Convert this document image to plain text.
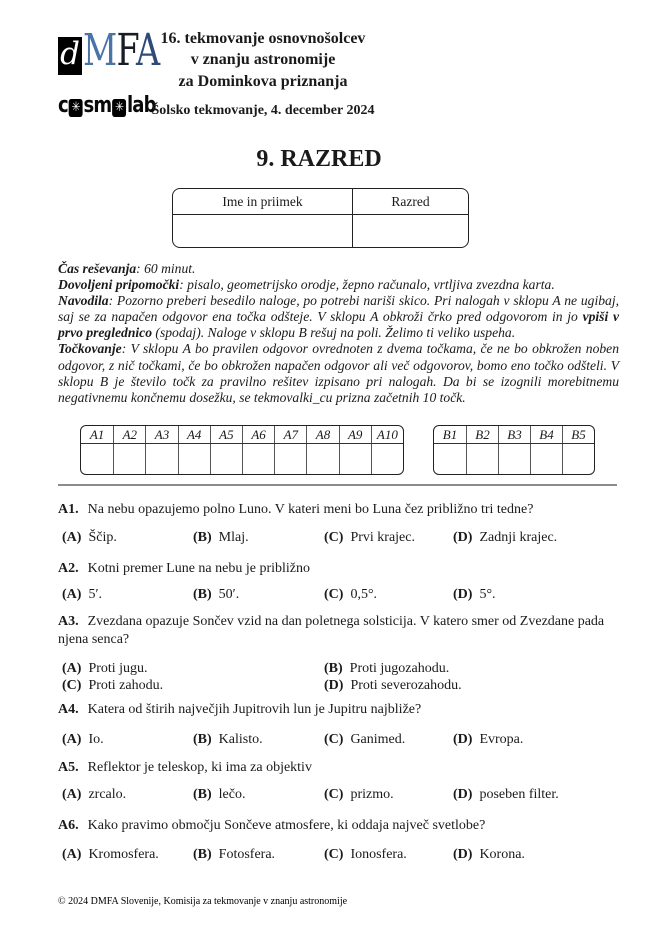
d MFA
c ✳ sm ✳ lab
16. tekmovanje osnovnošolcev
v znanju astronomije
za Dominkova priznanja
Šolsko tekmovanje, 4. december 2024
9. RAZRED
Ime in priimek	Razred

Čas reševanja: 60 minut.

Dovoljeni pripomočki: pisalo, geometrijsko orodje, žepno računalo, vrtljiva zvezdna karta.

Navodila: Pozorno preberi besedilo naloge, po potrebi nariši skico. Pri nalogah v sklopu A ne ugibaj, saj se za napačen odgovor ena točka odšteje. V sklopu A obkroži črko pred odgovorom in jo vpiši v prvo preglednico (spodaj). Naloge v sklopu B rešuj na poli. Želimo ti veliko uspeha.

Točkovanje: V sklopu A bo pravilen odgovor ovrednoten z dvema točkama, če ne bo obkrožen noben odgovor, z nič točkami, če bo obkrožen napačen odgovor ali več odgovorov, bomo eno točko odšteli. V sklopu B je število točk za pravilno rešitev izpisano pri nalogah. Da bi se izognili morebitnemu negativnemu končnemu dosežku, se tekmovalki_cu prizna začetnih 10 točk.

A1	A2	A3	A4	A5	A6	A7	A8	A9	A10	B1	B2	B3	B4	B5
A1. Na nebu opazujemo polno Luno. V kateri meni bo Luna čez približno tri tedne?
(A) Ščip.	(B) Mlaj.	(C) Prvi krajec.	(D) Zadnji krajec.
A2. Kotni premer Lune na nebu je približno
(A) 5′.	(B) 50′.	(C) 0,5°.	(D) 5°.
A3. Zvezdana opazuje Sončev vzid na dan poletnega solsticija. V katero smer od Zvezdane pada njena senca?
(A) Proti jugu.	(B) Proti jugozahodu.
(C) Proti zahodu.	(D) Proti severozahodu.
A4. Katera od štirih največjih Jupitrovih lun je Jupitru najbliže?
(A) Io.	(B) Kalisto.	(C) Ganimed.	(D) Evropa.
A5. Reflektor je teleskop, ki ima za objektiv
(A) zrcalo.	(B) lečo.	(C) prizmo.	(D) poseben filter.
A6. Kako pravimo območju Sončeve atmosfere, ki oddaja največ svetlobe?
(A) Kromosfera.	(B) Fotosfera.	(C) Ionosfera.	(D) Korona.
© 2024 DMFA Slovenije, Komisija za tekmovanje v znanju astronomije
